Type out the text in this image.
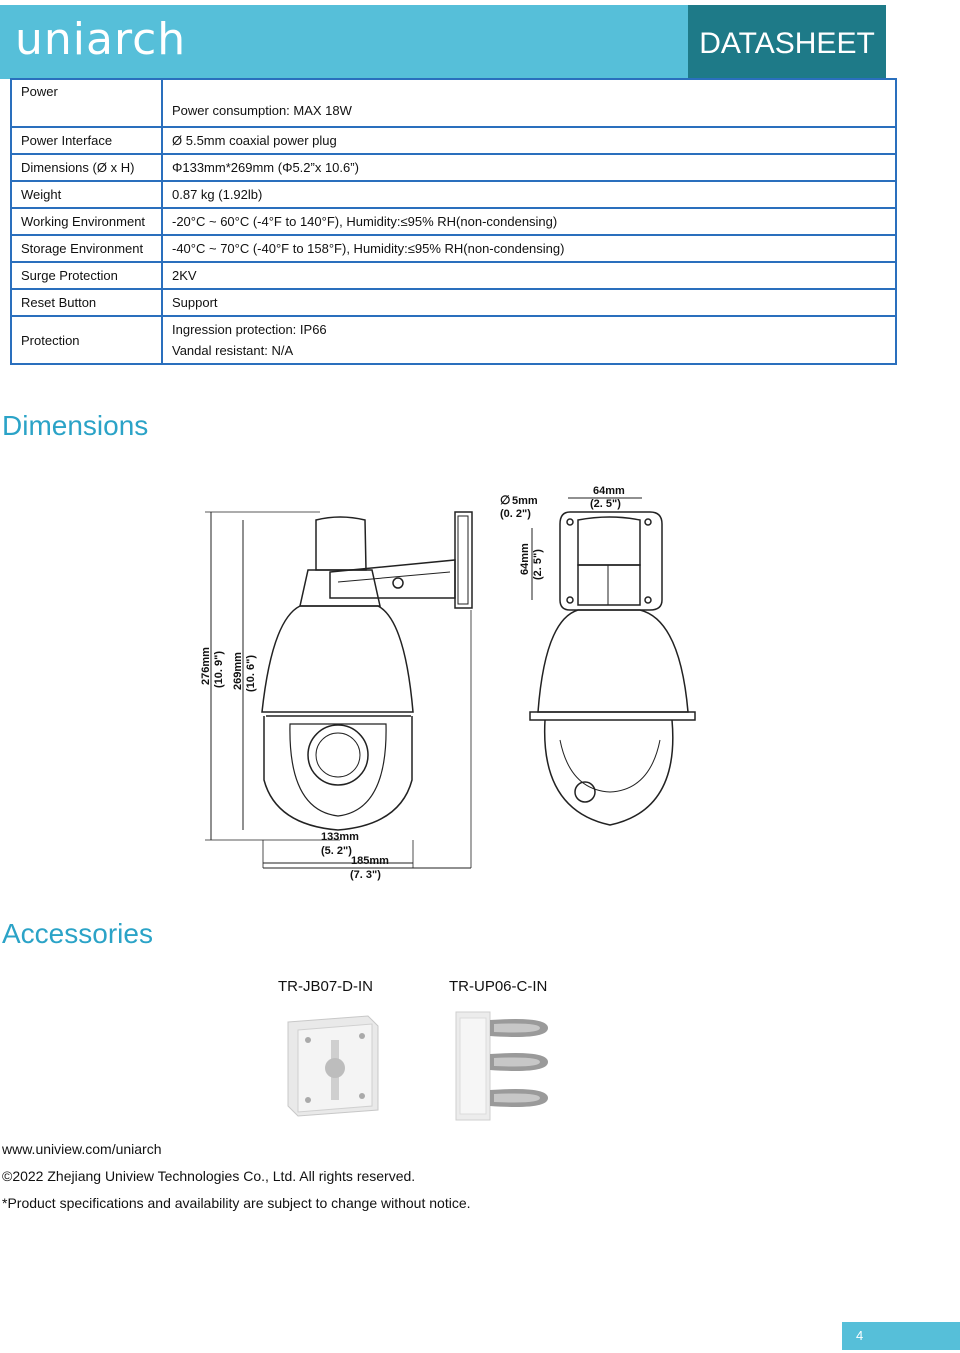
uniarch	DATASHEET
Power	Power consumption: MAX 18W
Power Interface	Ø 5.5mm coaxial power plug
Dimensions (Ø x H)	Φ133mm*269mm (Φ5.2”x 10.6”)
Weight	0.87 kg (1.92lb)
Working Environment	-20°C ~ 60°C (-4°F to 140°F), Humidity:≤95% RH(non-condensing)
Storage Environment	-40°C ~ 70°C (-40°F to 158°F), Humidity:≤95% RH(non-condensing)
Surge Protection	2KV
Reset Button	Support
Protection	Ingression protection: IP66
Vandal resistant: N/A
Dimensions
276mm (10. 9") 269mm (10. 6")
133mm
(5. 2")
185mm
(7. 3")
5mm
(0. 2")
64mm
(2. 5")
64mm (2. 5")
∅
Accessories
TR-JB07-D-IN	TR-UP06-C-IN
www.uniview.com/uniarch
©2022 Zhejiang Uniview Technologies Co., Ltd. All rights reserved.
*Product specifications and availability are subject to change without notice.
4
